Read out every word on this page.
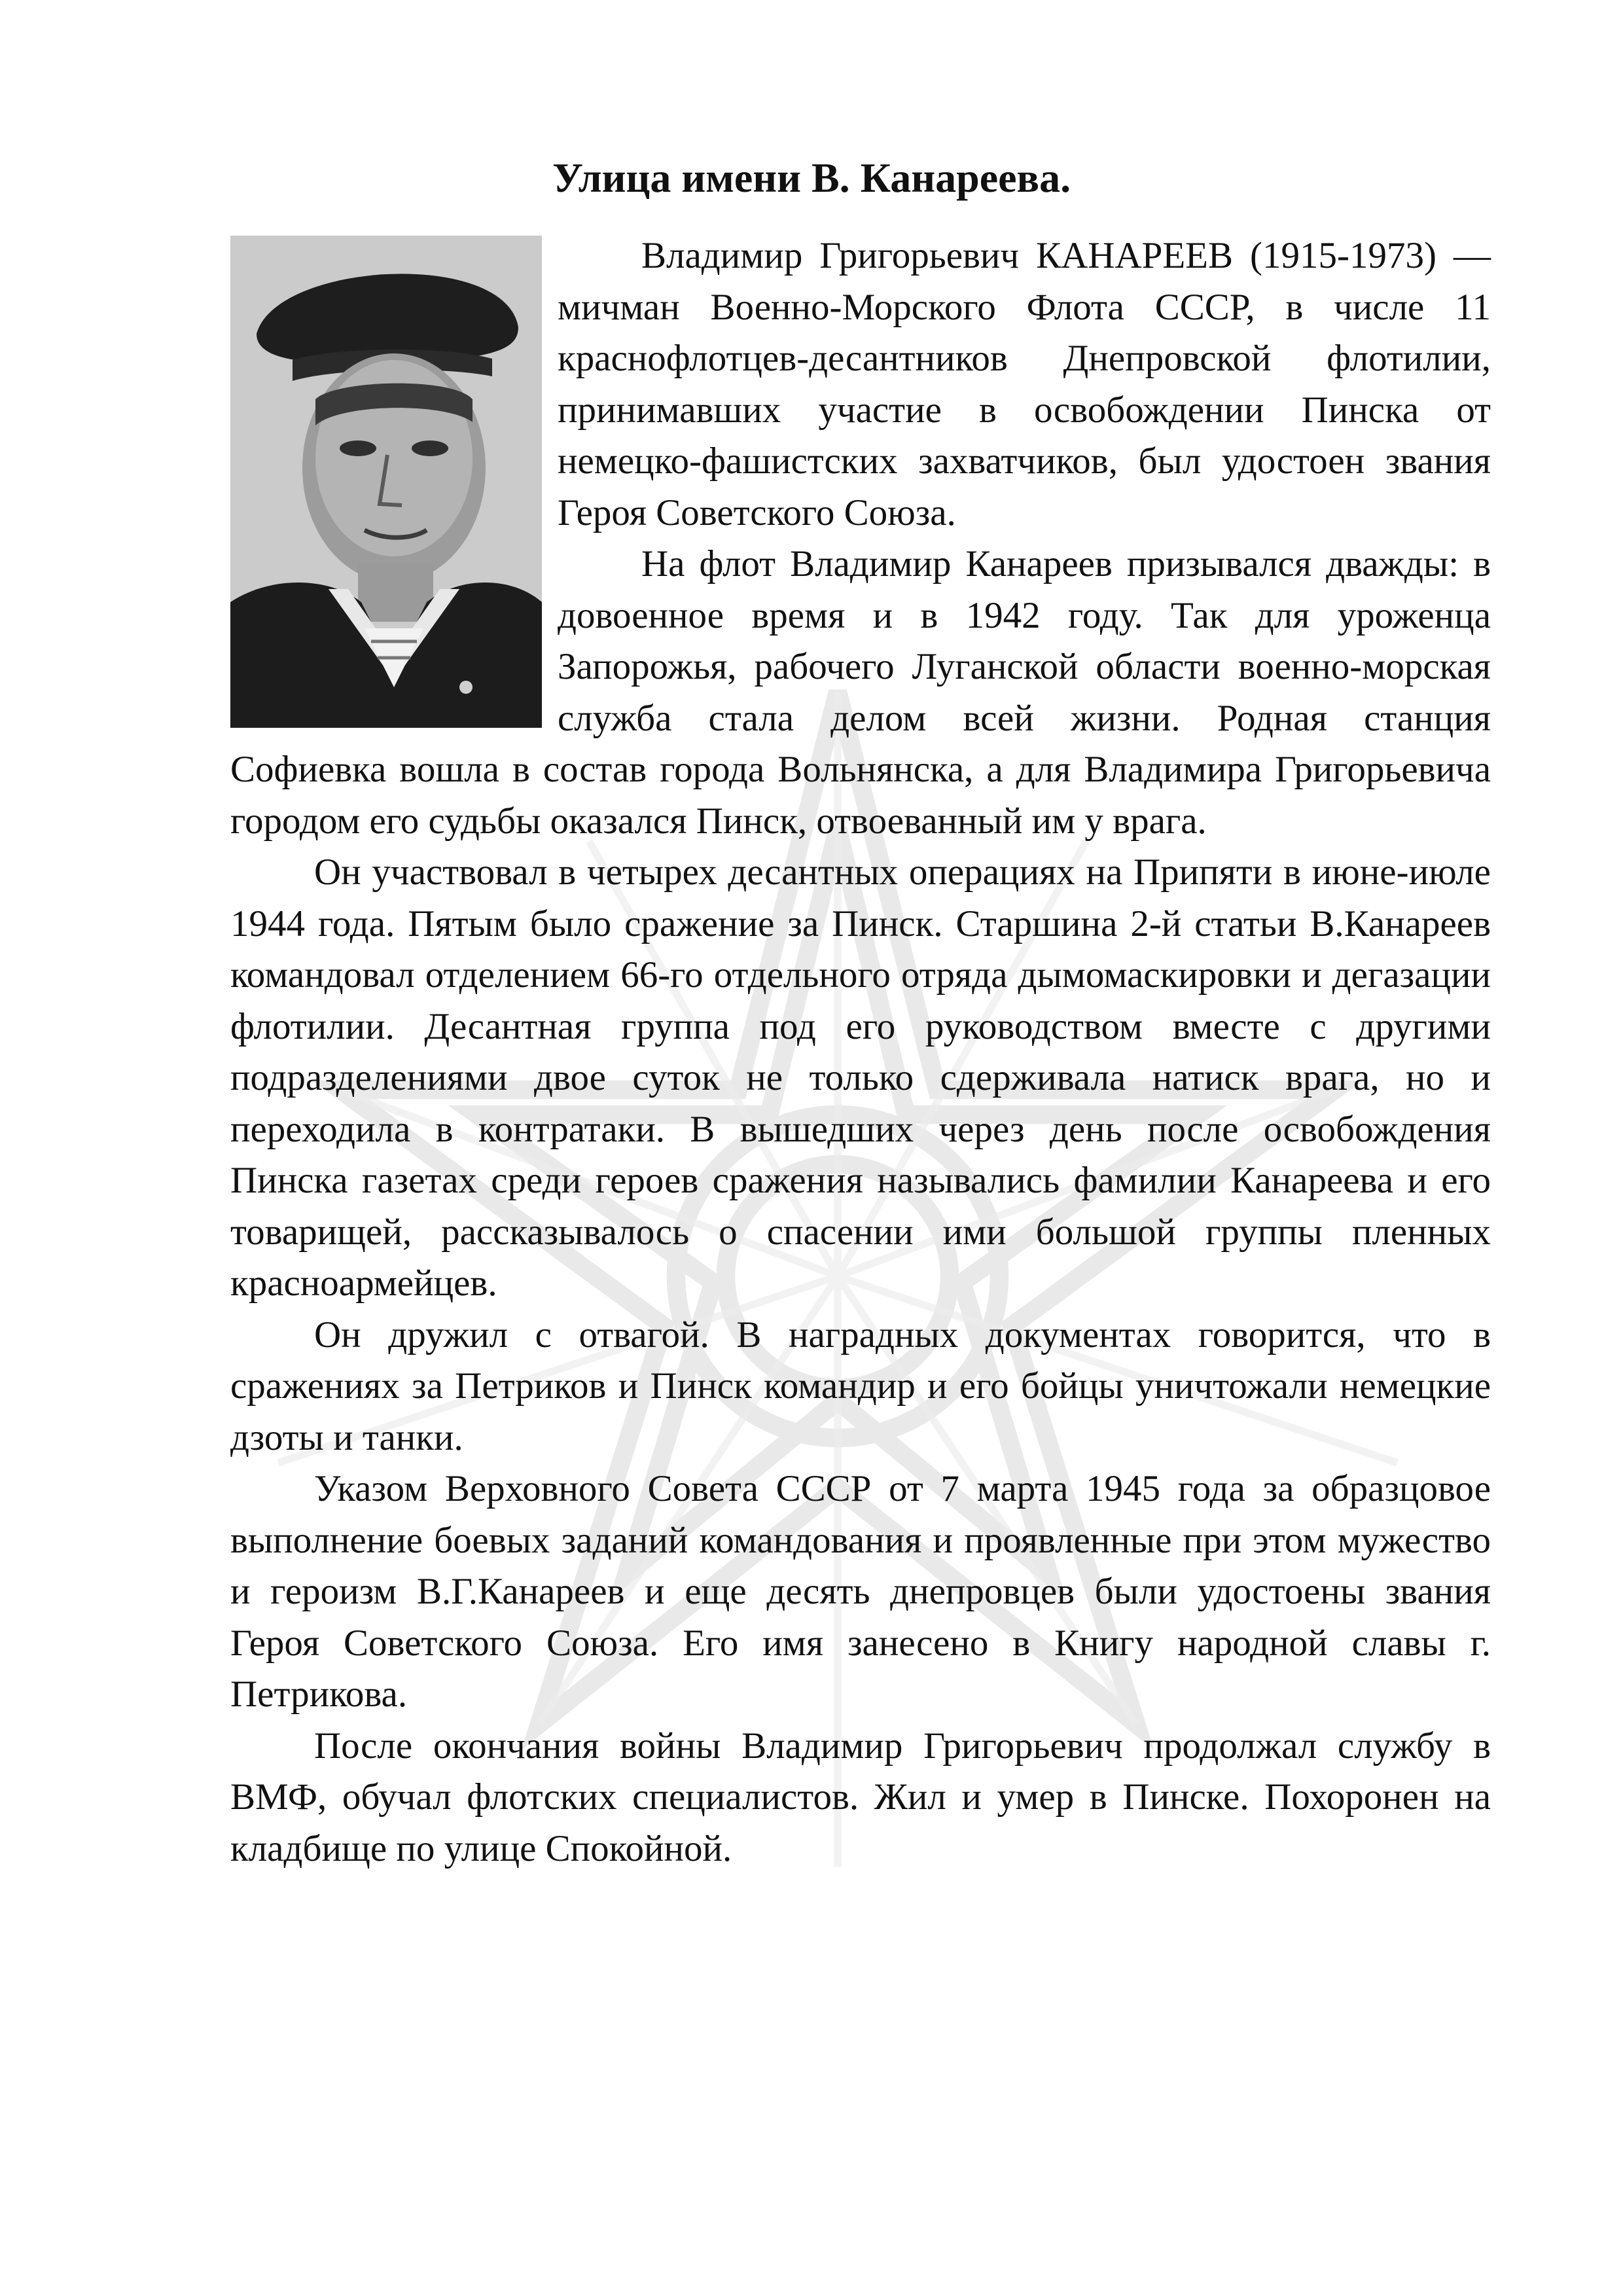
Улица имени В. Канареева.

Владимир Григорьевич КАНАРЕЕВ (1915-1973) — мичман Военно-Морского Флота СССР, в числе 11 краснофлотцев-десантников Днепровской флотилии, принимавших участие в освобождении Пинска от немецко-фашистских захватчиков, был удостоен звания Героя Советского Союза.

На флот Владимир Канареев призывался дважды: в довоенное время и в 1942 году. Так для уроженца Запорожья, рабочего Луганской области военно-морская служба стала делом всей жизни. Родная станция Софиевка вошла в состав города Вольнянска, а для Владимира Григорьевича городом его судьбы оказался Пинск, отвоеванный им у врага.

Он участвовал в четырех десантных операциях на Припяти в июне-июле 1944 года. Пятым было сражение за Пинск. Старшина 2-й статьи В.Канареев командовал отделением 66-го отдельного отряда дымомаскировки и дегазации флотилии. Десантная группа под его руководством вместе с другими подразделениями двое суток не только сдерживала натиск врага, но и переходила в контратаки. В вышедших через день после освобождения Пинска газетах среди героев сражения назывались фамилии Канареева и его товарищей, рассказывалось о спасении ими большой группы пленных красноармейцев.

Он дружил с отвагой. В наградных документах говорится, что в сражениях за Петриков и Пинск командир и его бойцы уничтожали немецкие дзоты и танки.

Указом Верховного Совета СССР от 7 марта 1945 года за образцовое выполнение боевых заданий командования и проявленные при этом мужество и героизм В.Г.Канареев и еще десять днепровцев были удостоены звания Героя Советского Союза. Его имя занесено в Книгу народной славы г. Петрикова.

После окончания войны Владимир Григорьевич продолжал службу в ВМФ, обучал флотских специалистов. Жил и умер в Пинске. Похоронен на кладбище по улице Спокойной.
